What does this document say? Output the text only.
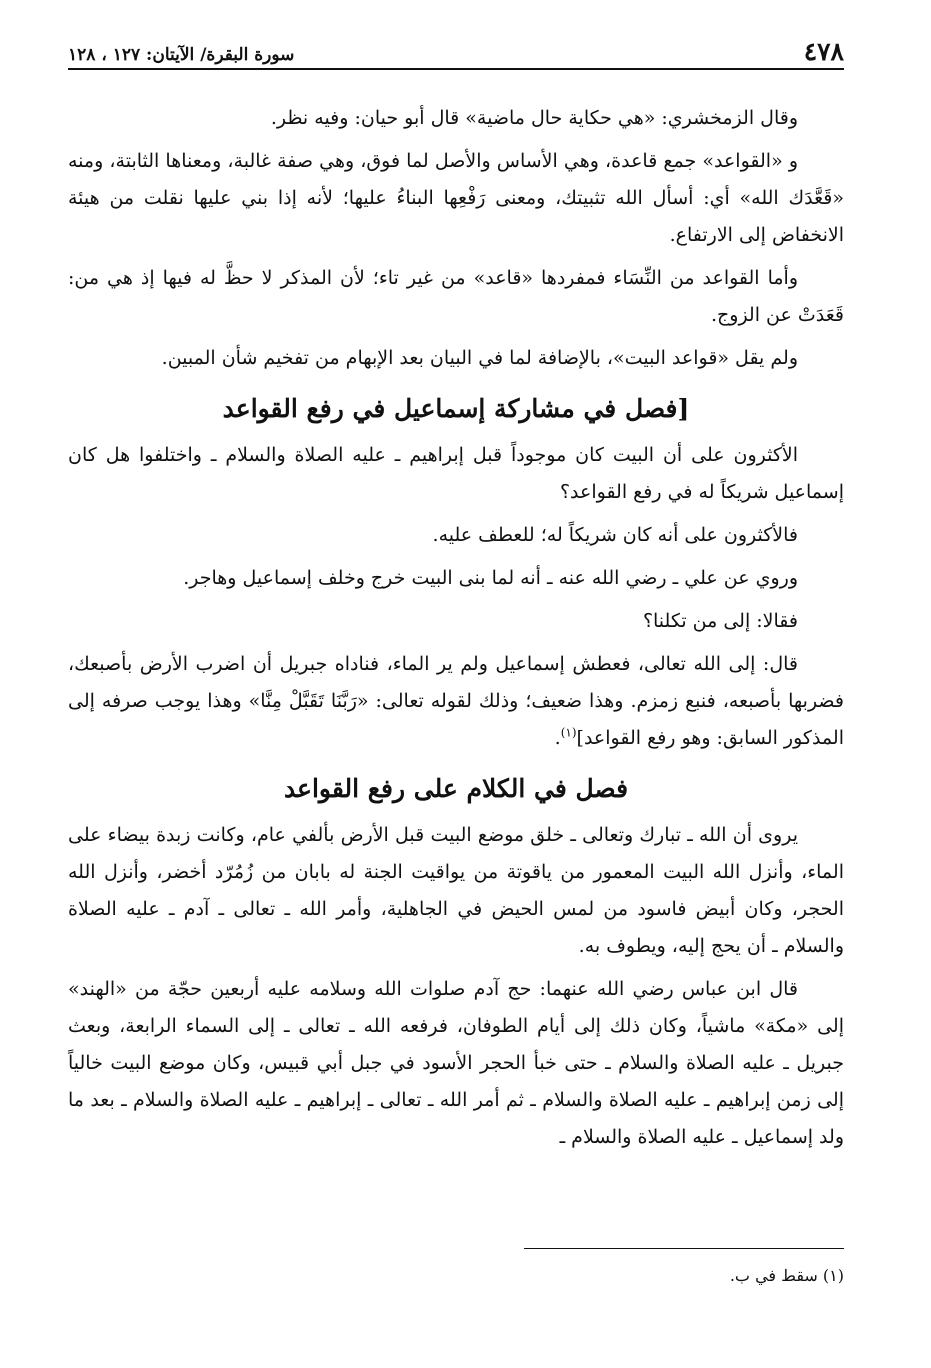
٤٧٨
سورة البقرة/ الآيتان: ١٢٧ ، ١٢٨

وقال الزمخشري: «هي حكاية حال ماضية» قال أبو حيان: وفيه نظر.

و «القواعد» جمع قاعدة، وهي الأساس والأصل لما فوق، وهي صفة غالبة، ومعناها الثابتة، ومنه «قَعَّدَك الله» أي: أسأل الله تثبيتك، ومعنى رَفْعِها البناءُ عليها؛ لأنه إذا بني عليها نقلت من هيئة الانخفاض إلى الارتفاع.

وأما القواعد من النِّسَاء فمفردها «قاعد» من غير تاء؛ لأن المذكر لا حظَّ له فيها إذ هي من: قَعَدَتْ عن الزوج.

ولم يقل «قواعد البيت»، بالإضافة لما في البيان بعد الإبهام من تفخيم شأن المبين.

[فصل في مشاركة إسماعيل في رفع القواعد

الأكثرون على أن البيت كان موجوداً قبل إبراهيم ـ عليه الصلاة والسلام ـ واختلفوا هل كان إسماعيل شريكاً له في رفع القواعد؟

فالأكثرون على أنه كان شريكاً له؛ للعطف عليه.

وروي عن علي ـ رضي الله عنه ـ أنه لما بنى البيت خرج وخلف إسماعيل وهاجر.

فقالا: إلى من تكلنا؟

قال: إلى الله تعالى، فعطش إسماعيل ولم ير الماء، فناداه جبريل أن اضرب الأرض بأصبعك، فضربها بأصبعه، فنبع زمزم. وهذا ضعيف؛ وذلك لقوله تعالى: «رَبَّنَا تَقَبَّلْ مِنَّا» وهذا يوجب صرفه إلى المذكور السابق: وهو رفع القواعد]$^{(١)}$.

فصل في الكلام على رفع القواعد

يروى أن الله ـ تبارك وتعالى ـ خلق موضع البيت قبل الأرض بألفي عام، وكانت زبدة بيضاء على الماء، وأنزل الله البيت المعمور من ياقوتة من يواقيت الجنة له بابان من زُمُرّد أخضر، وأنزل الله الحجر، وكان أبيض فاسود من لمس الحيض في الجاهلية، وأمر الله ـ تعالى ـ آدم ـ عليه الصلاة والسلام ـ أن يحج إليه، ويطوف به.

قال ابن عباس رضي الله عنهما: حج آدم صلوات الله وسلامه عليه أربعين حجّة من «الهند» إلى «مكة» ماشياً، وكان ذلك إلى أيام الطوفان، فرفعه الله ـ تعالى ـ إلى السماء الرابعة، وبعث جبريل ـ عليه الصلاة والسلام ـ حتى خبأ الحجر الأسود في جبل أبي قبيس، وكان موضع البيت خالياً إلى زمن إبراهيم ـ عليه الصلاة والسلام ـ ثم أمر الله ـ تعالى ـ إبراهيم ـ عليه الصلاة والسلام ـ بعد ما ولد إسماعيل ـ عليه الصلاة والسلام ـ

(١) سقط في ب.
